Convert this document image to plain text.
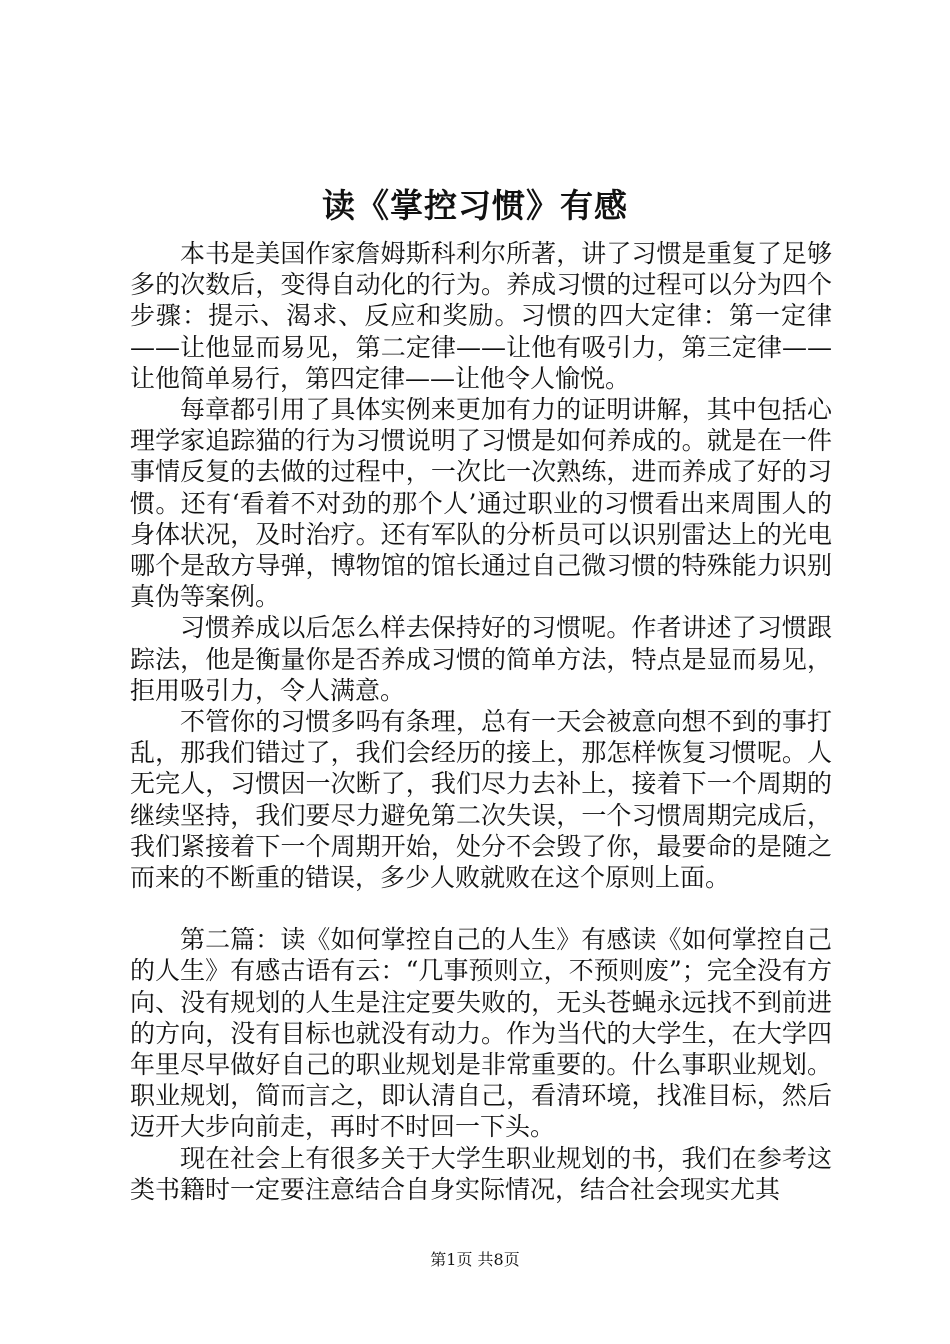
读《掌控习惯》有感

本书是美国作家詹姆斯科利尔所著，讲了习惯是重复了足够多的次数后，变得自动化的行为。养成习惯的过程可以分为四个步骤：提示、渴求、反应和奖励。习惯的四大定律：第一定律——让他显而易见，第二定律——让他有吸引力，第三定律——让他简单易行，第四定律——让他令人愉悦。

每章都引用了具体实例来更加有力的证明讲解，其中包括心理学家追踪猫的行为习惯说明了习惯是如何养成的。就是在一件事情反复的去做的过程中，一次比一次熟练，进而养成了好的习惯。还有‘看着不对劲的那个人’通过职业的习惯看出来周围人的身体状况，及时治疗。还有军队的分析员可以识别雷达上的光电哪个是敌方导弹，博物馆的馆长通过自己微习惯的特殊能力识别真伪等案例。

习惯养成以后怎么样去保持好的习惯呢。作者讲述了习惯跟踪法，他是衡量你是否养成习惯的简单方法，特点是显而易见，拒用吸引力，令人满意。

不管你的习惯多吗有条理，总有一天会被意向想不到的事打乱，那我们错过了，我们会经历的接上，那怎样恢复习惯呢。人无完人，习惯因一次断了，我们尽力去补上，接着下一个周期的继续坚持，我们要尽力避免第二次失误，一个习惯周期完成后，我们紧接着下一个周期开始，处分不会毁了你，最要命的是随之而来的不断重的错误，多少人败就败在这个原则上面。

第二篇：读《如何掌控自己的人生》有感读《如何掌控自己的人生》有感古语有云：“几事预则立，不预则废”；完全没有方向、没有规划的人生是注定要失败的，无头苍蝇永远找不到前进的方向，没有目标也就没有动力。作为当代的大学生，在大学四年里尽早做好自己的职业规划是非常重要的。什么事职业规划。职业规划，简而言之，即认清自己，看清环境，找准目标，然后迈开大步向前走，再时不时回一下头。

现在社会上有很多关于大学生职业规划的书，我们在参考这类书籍时一定要注意结合自身实际情况，结合社会现实尤其

第1页 共8页
